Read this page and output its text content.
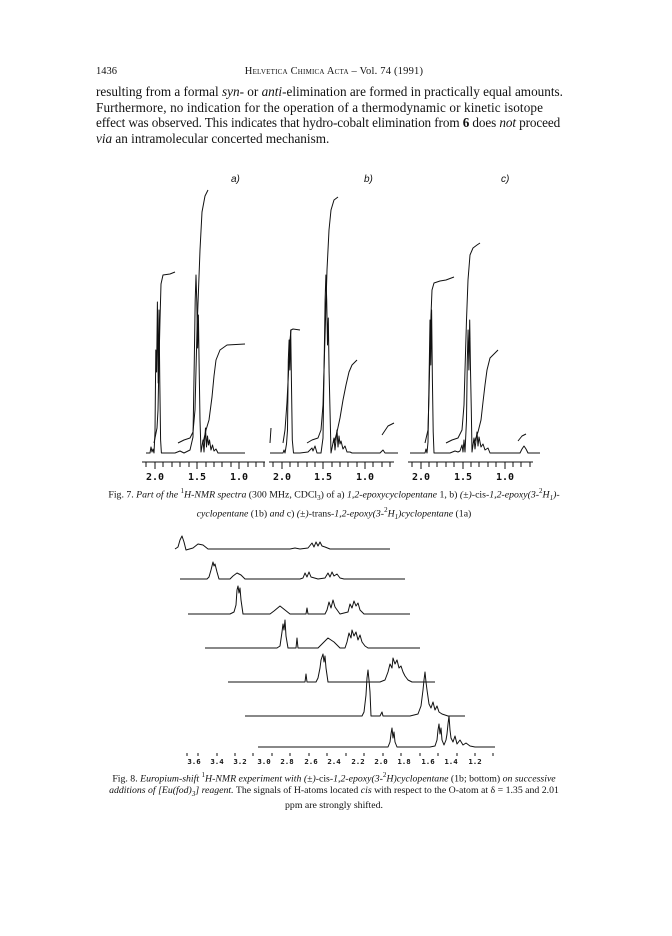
1436	Helvetica Chimica Acta – Vol. 74 (1991)
resulting from a formal syn- or anti-elimination are formed in practically equal amounts.
Furthermore, no indication for the operation of a thermodynamic or kinetic isotope
effect was observed. This indicates that hydro-cobalt elimination from 6 does not proceed
via an intramolecular concerted mechanism.
a)	b)	c)
2.0 1.5 1.0 2.0 1.5 1.0	2.0 1.5 1.0
3.6 3.4 3.2 3.0 2.8 2.6 2.4 2.2 2.0 1.8 1.6 1.4 1.2
Fig. 7. Part of the $^1$H-NMR spectra (300 MHz, CDCl$_3$) of a) 1,2-epoxycyclopentane 1, b) $(\pm)-cis-1,2-epoxy(3-^2H_1)-$
cyclopentane (1b) and c) $(\pm)-trans-1,2-epoxy(3-^2H_1)cyclopentane$ (1a)
Fig. 8. Europium-shift $^1$H-NMR experiment with (±)-cis-1,2-epoxy(3-$^2$H)cyclopentane (1b; bottom) on successive
additions of $[Eu(fod)_3]$ reagent. The signals of H-atoms located cis with respect to the O-atom at δ = 1.35 and 2.01
ppm are strongly shifted.
